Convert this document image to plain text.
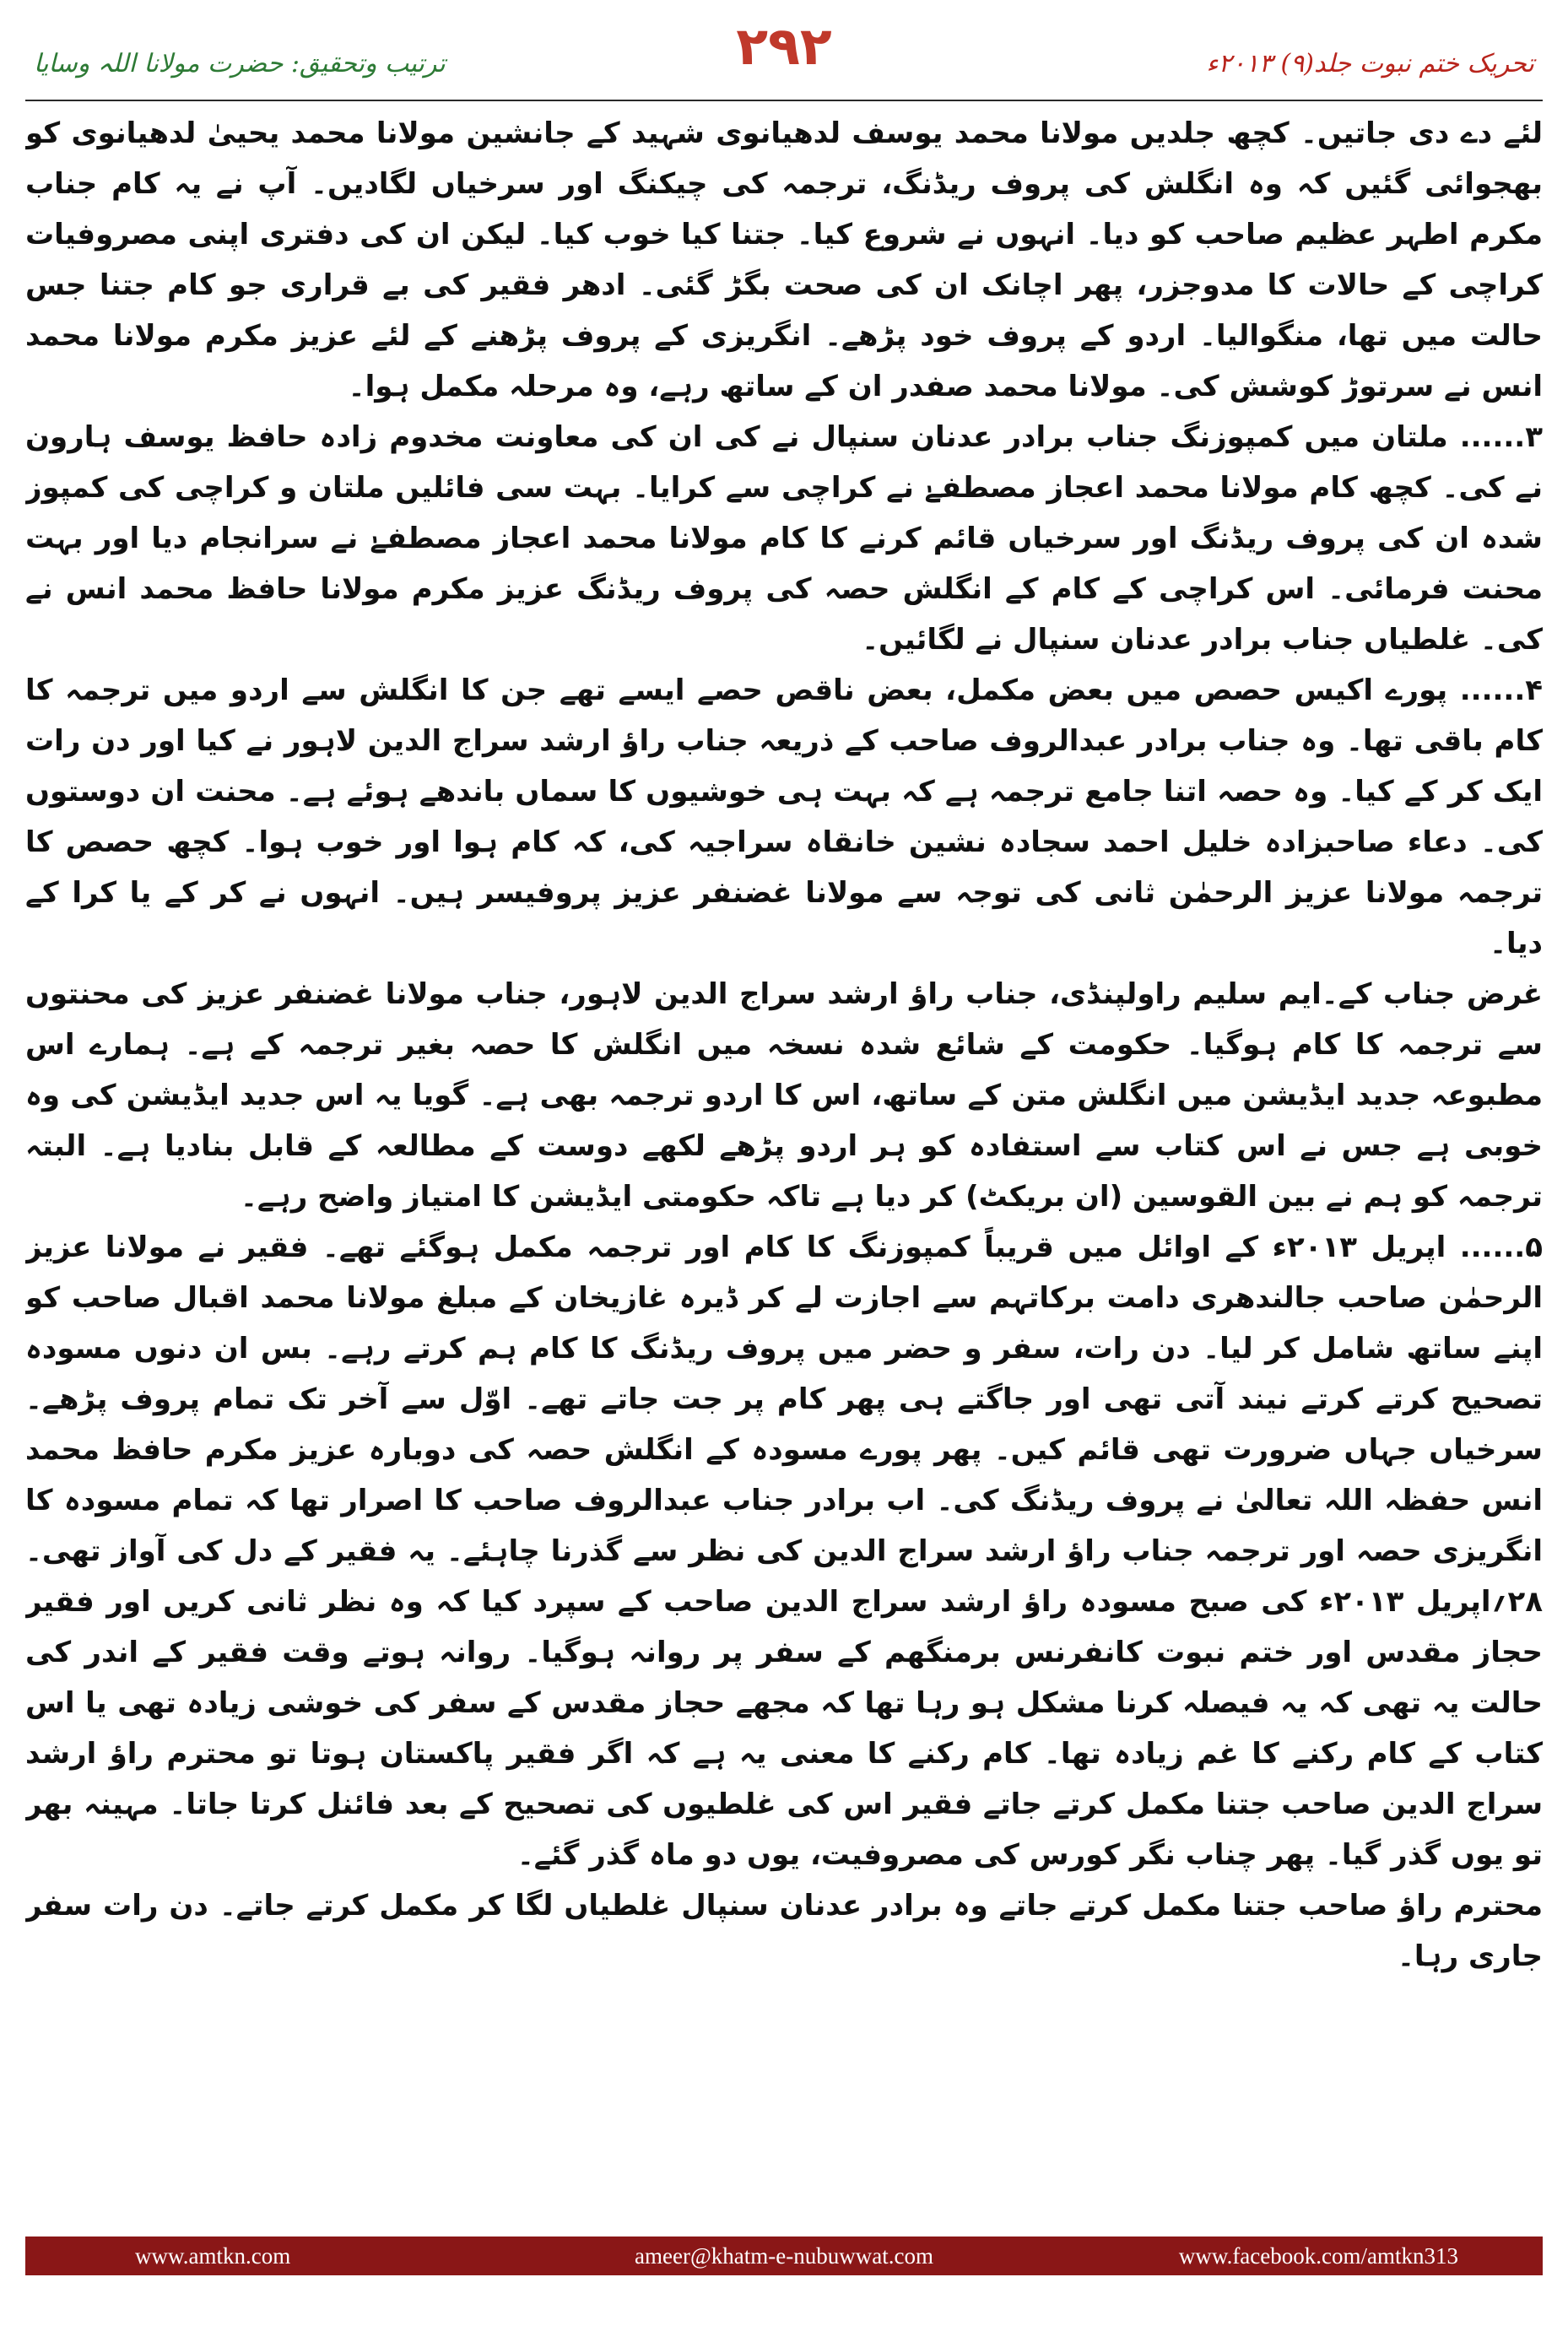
ترتیب وتحقیق: حضرت مولانا اللہ وسایا	۲۹۲	تحریک ختم نبوت جلد(۹) ۲۰۱۳ء

لئے دے دی جاتیں۔ کچھ جلدیں مولانا محمد یوسف لدھیانوی شہید کے جانشین مولانا محمد یحییٰ لدھیانوی کو بھجوائی گئیں کہ وہ انگلش کی پروف ریڈنگ، ترجمہ کی چیکنگ اور سرخیاں لگادیں۔ آپ نے یہ کام جناب مکرم اطہر عظیم صاحب کو دیا۔ انہوں نے شروع کیا۔ جتنا کیا خوب کیا۔ لیکن ان کی دفتری اپنی مصروفیات کراچی کے حالات کا مدوجزر، پھر اچانک ان کی صحت بگڑ گئی۔ ادھر فقیر کی بے قراری جو کام جتنا جس حالت میں تھا، منگوالیا۔ اردو کے پروف خود پڑھے۔ انگریزی کے پروف پڑھنے کے لئے عزیز مکرم مولانا محمد انس نے سرتوڑ کوشش کی۔ مولانا محمد صفدر ان کے ساتھ رہے، وہ مرحلہ مکمل ہوا۔

۳...... ملتان میں کمپوزنگ جناب برادر عدنان سنپال نے کی ان کی معاونت مخدوم زادہ حافظ یوسف ہارون نے کی۔ کچھ کام مولانا محمد اعجاز مصطفےٰ نے کراچی سے کرایا۔ بہت سی فائلیں ملتان و کراچی کی کمپوز شدہ ان کی پروف ریڈنگ اور سرخیاں قائم کرنے کا کام مولانا محمد اعجاز مصطفےٰ نے سرانجام دیا اور بہت محنت فرمائی۔ اس کراچی کے کام کے انگلش حصہ کی پروف ریڈنگ عزیز مکرم مولانا حافظ محمد انس نے کی۔ غلطیاں جناب برادر عدنان سنپال نے لگائیں۔

۴...... پورے اکیس حصص میں بعض مکمل، بعض ناقص حصے ایسے تھے جن کا انگلش سے اردو میں ترجمہ کا کام باقی تھا۔ وہ جناب برادر عبدالروف صاحب کے ذریعہ جناب راؤ ارشد سراج الدین لاہور نے کیا اور دن رات ایک کر کے کیا۔ وہ حصہ اتنا جامع ترجمہ ہے کہ بہت ہی خوشیوں کا سماں باندھے ہوئے ہے۔ محنت ان دوستوں کی۔ دعاء صاحبزادہ خلیل احمد سجادہ نشین خانقاہ سراجیہ کی، کہ کام ہوا اور خوب ہوا۔ کچھ حصص کا ترجمہ مولانا عزیز الرحمٰن ثانی کی توجہ سے مولانا غضنفر عزیز پروفیسر ہیں۔ انہوں نے کر کے یا کرا کے دیا۔

غرض جناب کے۔ایم سلیم راولپنڈی، جناب راؤ ارشد سراج الدین لاہور، جناب مولانا غضنفر عزیز کی محنتوں سے ترجمہ کا کام ہوگیا۔ حکومت کے شائع شدہ نسخہ میں انگلش کا حصہ بغیر ترجمہ کے ہے۔ ہمارے اس مطبوعہ جدید ایڈیشن میں انگلش متن کے ساتھ، اس کا اردو ترجمہ بھی ہے۔ گویا یہ اس جدید ایڈیشن کی وہ خوبی ہے جس نے اس کتاب سے استفادہ کو ہر اردو پڑھے لکھے دوست کے مطالعہ کے قابل بنادیا ہے۔ البتہ ترجمہ کو ہم نے بین القوسین (ان بریکٹ) کر دیا ہے تاکہ حکومتی ایڈیشن کا امتیاز واضح رہے۔

۵...... اپریل ۲۰۱۳ء کے اوائل میں قریباً کمپوزنگ کا کام اور ترجمہ مکمل ہوگئے تھے۔ فقیر نے مولانا عزیز الرحمٰن صاحب جالندھری دامت برکاتہم سے اجازت لے کر ڈیرہ غازیخان کے مبلغ مولانا محمد اقبال صاحب کو اپنے ساتھ شامل کر لیا۔ دن رات، سفر و حضر میں پروف ریڈنگ کا کام ہم کرتے رہے۔ بس ان دنوں مسودہ تصحیح کرتے کرتے نیند آتی تھی اور جاگتے ہی پھر کام پر جت جاتے تھے۔ اوّل سے آخر تک تمام پروف پڑھے۔ سرخیاں جہاں ضرورت تھی قائم کیں۔ پھر پورے مسودہ کے انگلش حصہ کی دوبارہ عزیز مکرم حافظ محمد انس حفظہ اللہ تعالیٰ نے پروف ریڈنگ کی۔ اب برادر جناب عبدالروف صاحب کا اصرار تھا کہ تمام مسودہ کا انگریزی حصہ اور ترجمہ جناب راؤ ارشد سراج الدین کی نظر سے گذرنا چاہئے۔ یہ فقیر کے دل کی آواز تھی۔ ۲۸؍اپریل ۲۰۱۳ء کی صبح مسودہ راؤ ارشد سراج الدین صاحب کے سپرد کیا کہ وہ نظر ثانی کریں اور فقیر حجاز مقدس اور ختم نبوت کانفرنس برمنگھم کے سفر پر روانہ ہوگیا۔ روانہ ہوتے وقت فقیر کے اندر کی حالت یہ تھی کہ یہ فیصلہ کرنا مشکل ہو رہا تھا کہ مجھے حجاز مقدس کے سفر کی خوشی زیادہ تھی یا اس کتاب کے کام رکنے کا غم زیادہ تھا۔ کام رکنے کا معنی یہ ہے کہ اگر فقیر پاکستان ہوتا تو محترم راؤ ارشد سراج الدین صاحب جتنا مکمل کرتے جاتے فقیر اس کی غلطیوں کی تصحیح کے بعد فائنل کرتا جاتا۔ مہینہ بھر تو یوں گذر گیا۔ پھر چناب نگر کورس کی مصروفیت، یوں دو ماہ گذر گئے۔

محترم راؤ صاحب جتنا مکمل کرتے جاتے وہ برادر عدنان سنپال غلطیاں لگا کر مکمل کرتے جاتے۔ دن رات سفر جاری رہا۔

www.amtkn.com	ameer@khatm-e-nubuwwat.com	www.facebook.com/amtkn313
